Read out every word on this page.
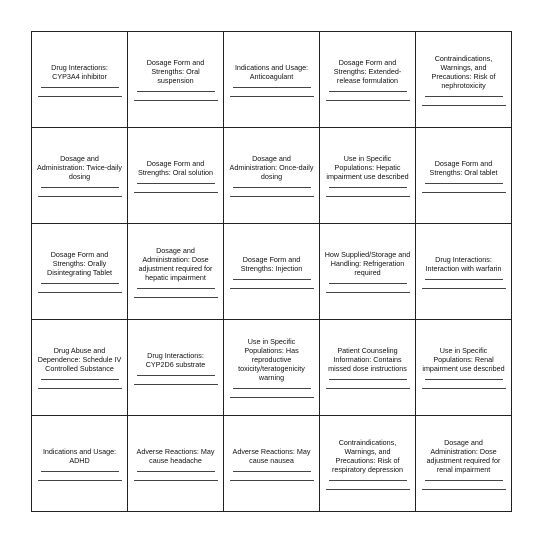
Drug Interactions: CYP3A4 inhibitor
Dosage Form and Strengths: Oral suspension
Indications and Usage: Anticoagulant
Dosage Form and Strengths: Extended-release formulation
Contraindications, Warnings, and Precautions: Risk of nephrotoxicity
Dosage and Administration: Twice-daily dosing
Dosage Form and Strengths: Oral solution
Dosage and Administration: Once-daily dosing
Use in Specific Populations: Hepatic impairment use described
Dosage Form and Strengths: Oral tablet
Dosage Form and Strengths: Orally Disintegrating Tablet
Dosage and Administration: Dose adjustment required for hepatic impairment
Dosage Form and Strengths: Injection
How Supplied/Storage and Handling: Refrigeration required
Drug Interactions: Interaction with warfarin
Drug Abuse and Dependence: Schedule IV Controlled Substance
Drug Interactions: CYP2D6 substrate
Use in Specific Populations: Has reproductive toxicity/teratogenicity warning
Patient Counseling Information: Contains missed dose instructions
Use in Specific Populations: Renal impairment use described
Indications and Usage: ADHD
Adverse Reactions: May cause headache
Adverse Reactions: May cause nausea
Contraindications, Warnings, and Precautions: Risk of respiratory depression
Dosage and Administration: Dose adjustment required for renal impairment
